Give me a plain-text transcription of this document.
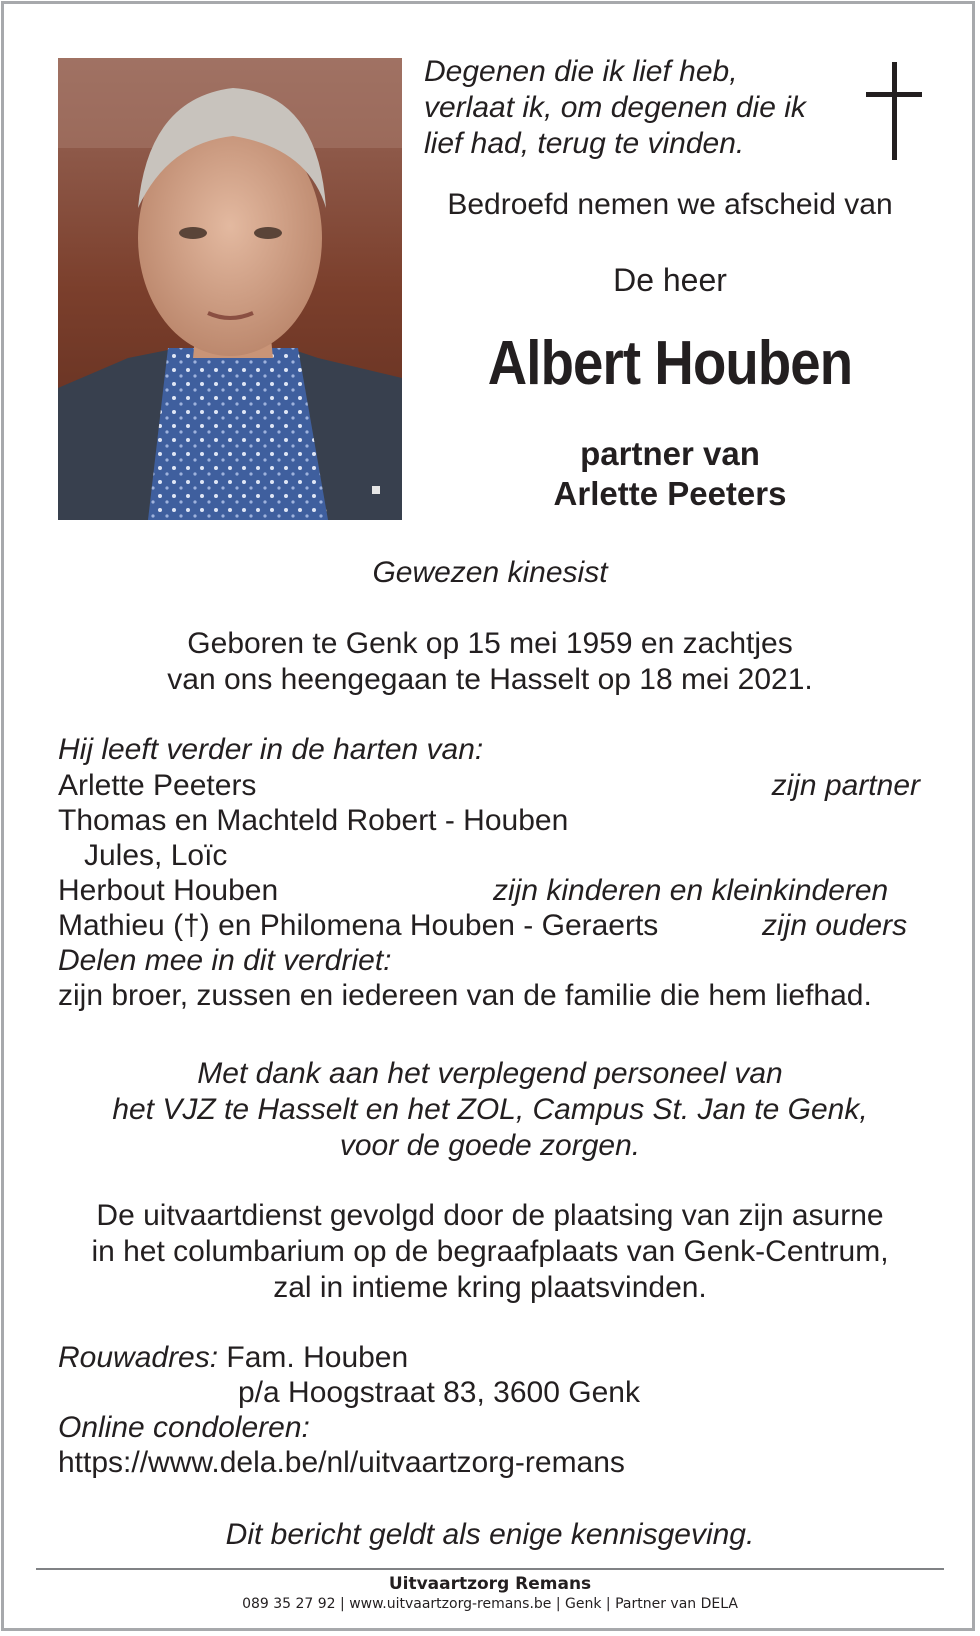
Degenen die ik lief heb,
verlaat ik, om degenen die ik
lief had, terug te vinden.
Bedroefd nemen we afscheid van
De heer
Albert Houben
partner van
Arlette Peeters
Gewezen kinesist
Geboren te Genk op 15 mei 1959 en zachtjes
van ons heengegaan te Hasselt op 18 mei 2021.
Hij leeft verder in de harten van:
Arlette Peeters	zijn partner
Thomas en Machteld Robert - Houben
Jules, Loïc
Herbout Houben	zijn kinderen en kleinkinderen
Mathieu (†) en Philomena Houben - Geraerts	zijn ouders
Delen mee in dit verdriet:
zijn broer, zussen en iedereen van de familie die hem liefhad.
Met dank aan het verplegend personeel van
het VJZ te Hasselt en het ZOL, Campus St. Jan te Genk,
voor de goede zorgen.
De uitvaartdienst gevolgd door de plaatsing van zijn asurne
in het columbarium op de begraafplaats van Genk-Centrum,
zal in intieme kring plaatsvinden.
Rouwadres: Fam. Houben
p/a Hoogstraat 83, 3600 Genk
Online condoleren:
https://www.dela.be/nl/uitvaartzorg-remans
Dit bericht geldt als enige kennisgeving.
Uitvaartzorg Remans
089 35 27 92 | www.uitvaartzorg-remans.be | Genk | Partner van DELA
